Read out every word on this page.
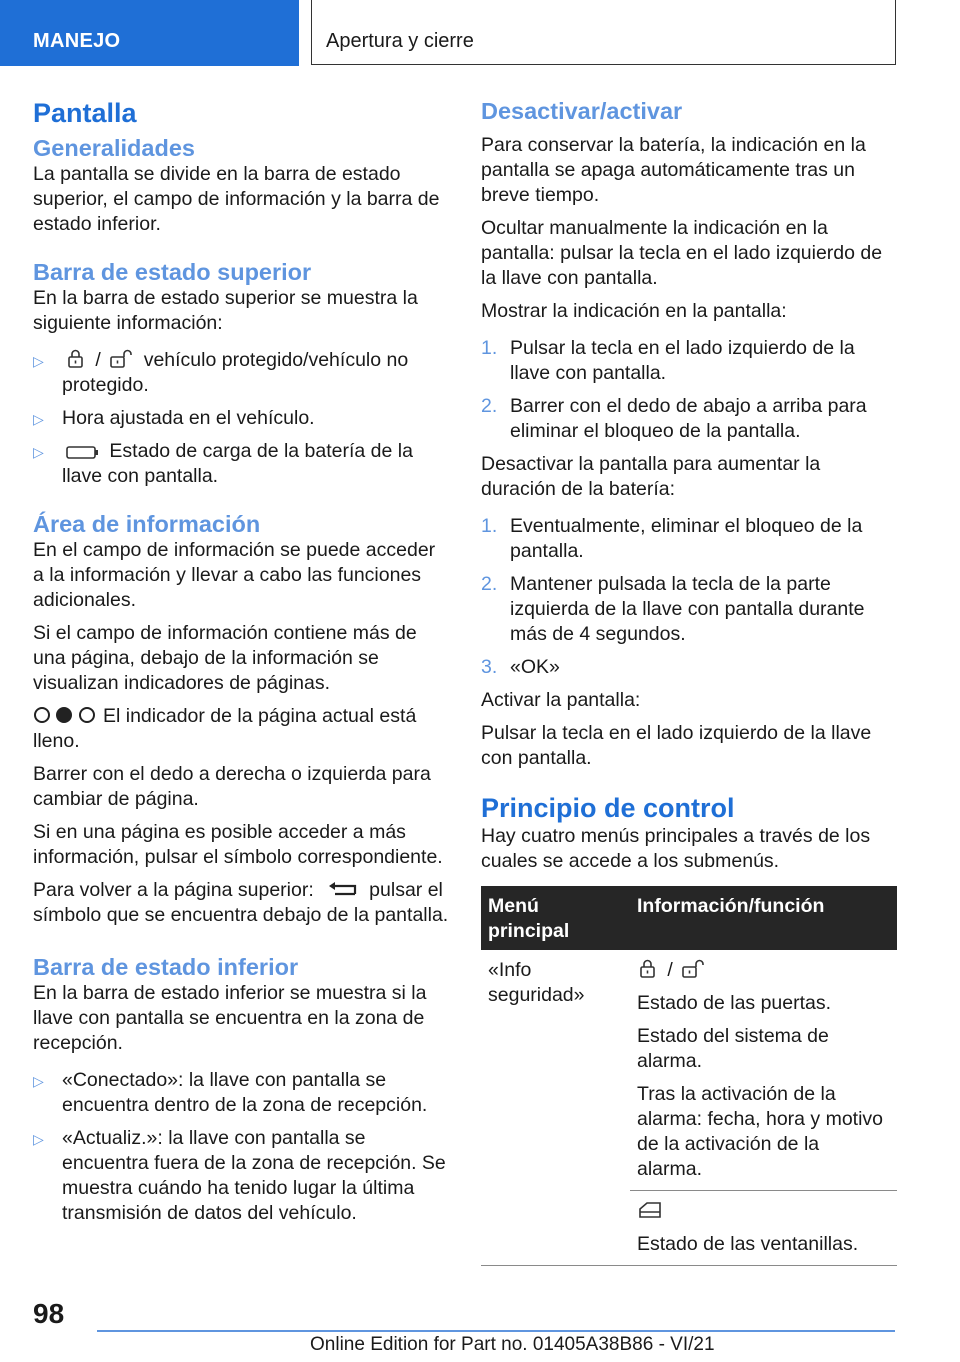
MANEJO	Apertura y cierre
Pantalla
Generalidades

La pantalla se divide en la barra de estado superior, el campo de información y la barra de estado inferior.

Barra de estado superior

En la barra de estado superior se muestra la siguiente información:

▷	/ vehículo protegido/vehículo no protegido.
▷ Hora ajustada en el vehículo.
▷	Estado de carga de la batería de la llave con pantalla.
Área de información

En el campo de información se puede acceder a la información y llevar a cabo las funciones adicionales.

Si el campo de información contiene más de una página, debajo de la información se visualizan indicadores de páginas.

El indicador de la página actual está lleno.

Barrer con el dedo a derecha o izquierda para cambiar de página.

Si en una página es posible acceder a más información, pulsar el símbolo correspondiente.

Para volver a la página superior:	pulsar el símbolo que se encuentra debajo de la pantalla.

Barra de estado inferior

En la barra de estado inferior se muestra si la llave con pantalla se encuentra en la zona de recepción.

▷ «Conectado»: la llave con pantalla se encuentra dentro de la zona de recepción.
▷ «Actualiz.»: la llave con pantalla se encuentra fuera de la zona de recepción. Se muestra cuándo ha tenido lugar la última transmisión de datos del vehículo.
Desactivar/activar

Para conservar la batería, la indicación en la pantalla se apaga automáticamente tras un breve tiempo.

Ocultar manualmente la indicación en la pantalla: pulsar la tecla en el lado izquierdo de la llave con pantalla.

Mostrar la indicación en la pantalla:

1. Pulsar la tecla en el lado izquierdo de la llave con pantalla.
2. Barrer con el dedo de abajo a arriba para eliminar el bloqueo de la pantalla.

Desactivar la pantalla para aumentar la duración de la batería:

1. Eventualmente, eliminar el bloqueo de la pantalla.
2. Mantener pulsada la tecla de la parte izquierda de la llave con pantalla durante más de 4 segundos.
3. «OK»

Activar la pantalla:

Pulsar la tecla en el lado izquierdo de la llave con pantalla.

Principio de control

Hay cuatro menús principales a través de los cuales se accede a los submenús.

Menú principal	Información/función
«Info seguridad»	/
Estado de las puertas.
Estado del sistema de alarma.
Tras la activación de la alarma: fecha, hora y motivo de la activación de la alarma.

	Estado de las ventanillas.
98
Online Edition for Part no. 01405A38B86 - VI/21
